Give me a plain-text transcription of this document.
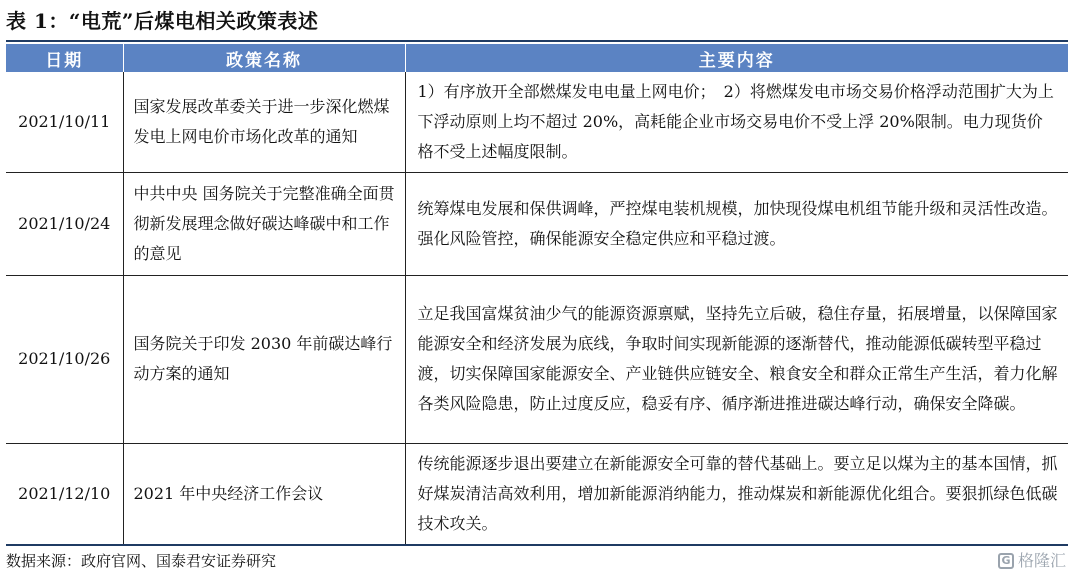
表 1：“电荒”后煤电相关政策表述
日期	政策名称	主要内容
2021/10/11	国家发展改革委关于进一步深化燃煤发电上网电价市场化改革的通知	1）有序放开全部燃煤发电电量上网电价；　2）将燃煤发电市场交易价格浮动范围扩大为上下浮动原则上均不超过 20%，高耗能企业市场交易电价不受上浮 20%限制。电力现货价格不受上述幅度限制。
2021/10/24	中共中央 国务院关于完整准确全面贯彻新发展理念做好碳达峰碳中和工作的意见	统筹煤电发展和保供调峰，严控煤电装机规模，加快现役煤电机组节能升级和灵活性改造。强化风险管控，确保能源安全稳定供应和平稳过渡。
2021/10/26	国务院关于印发 2030 年前碳达峰行动方案的通知	立足我国富煤贫油少气的能源资源禀赋，坚持先立后破，稳住存量，拓展增量，以保障国家能源安全和经济发展为底线，争取时间实现新能源的逐渐替代，推动能源低碳转型平稳过渡，切实保障国家能源安全、产业链供应链安全、粮食安全和群众正常生产生活，着力化解各类风险隐患，防止过度反应，稳妥有序、循序渐进推进碳达峰行动，确保安全降碳。
2021/12/10	2021 年中央经济工作会议	传统能源逐步退出要建立在新能源安全可靠的替代基础上。要立足以煤为主的基本国情，抓好煤炭清洁高效利用，增加新能源消纳能力，推动煤炭和新能源优化组合。要狠抓绿色低碳技术攻关。
数据来源：政府官网、国泰君安证券研究	G 格隆汇
